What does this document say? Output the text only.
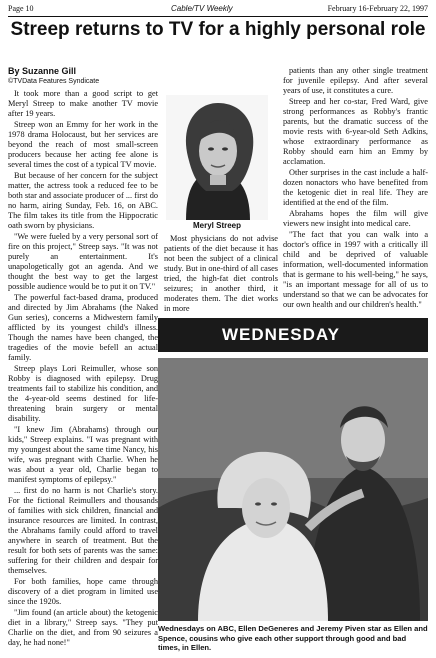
Page 10	Cable/TV Weekly	February 16-February 22, 1997
Streep returns to TV for a highly personal role
By Suzanne Gill
©TVData Features Syndicate

It took more than a good script to get Meryl Streep to make another TV movie after 19 years.

Streep won an Emmy for her work in the 1978 drama Holocaust, but her services are beyond the reach of most small-screen producers because her acting fee alone is several times the cost of a typical TV movie.

But because of her concern for the subject matter, the actress took a reduced fee to be both star and associate producer of ... first do no harm, airing Sunday, Feb. 16, on ABC. The film takes its title from the Hippocratic oath sworn by physicians.

"We were fueled by a very personal sort of fire on this project," Streep says. "It was not purely an entertainment. It's unapologetically got an agenda. And we thought the best way to get the largest possible audience would be to put it on TV."

The powerful fact-based drama, produced and directed by Jim Abrahams (the Naked Gun series), concerns a Midwestern family afflicted by its youngest child's illness. Though the names have been changed, the tragedies of the movie befell an actual family.

Streep plays Lori Reimuller, whose son Robby is diagnosed with epilepsy. Drug treatments fail to stabilize his condition, and the 4-year-old seems destined for life-threatening brain surgery or mental disability.

"I knew Jim (Abrahams) through our kids," Streep explains. "I was pregnant with my youngest about the same time Nancy, his wife, was pregnant with Charlie. When he was about a year old, Charlie began to manifest symptoms of epilepsy."

... first do no harm is not Charlie's story. For the fictional Reimullers and thousands of families with sick children, financial and insurance resources are limited. In contrast, the Abrahams family could afford to travel anywhere in search of treatment. But the result for both sets of parents was the same: suffering for their children and despair for themselves.

For both families, hope came through discovery of a diet program in limited use since the 1920s.

"Jim found (an article about) the ketogenic diet in a library," Streep says. "They put Charlie on the diet, and from 90 seizures a day, he had none!"

Meryl Streep

Most physicians do not advise patients of the diet because it has not been the subject of a clinical study. But in one-third of all cases tried, the high-fat diet controls seizures; in another third, it moderates them. The diet works in more

patients than any other single treatment for juvenile epilepsy. And after several years of use, it constitutes a cure.

Streep and her co-star, Fred Ward, give strong performances as Robby's frantic parents, but the dramatic success of the movie rests with 6-year-old Seth Adkins, whose extraordinary performance as Robby should earn him an Emmy by acclamation.

Other surprises in the cast include a half-dozen nonactors who have benefited from the ketogenic diet in real life. They are identified at the end of the film.

Abrahams hopes the film will give viewers new insight into medical care.

"The fact that you can walk into a doctor's office in 1997 with a critically ill child and be deprived of valuable information, well-documented information that is germane to his well-being," he says, "is an important message for all of us to understand so that we can be advocates for our own health and our children's health."

WEDNESDAY
Wednesdays on ABC, Ellen DeGeneres and Jeremy Piven star as Ellen and Spence, cousins who give each other support through good and bad times, in Ellen.
